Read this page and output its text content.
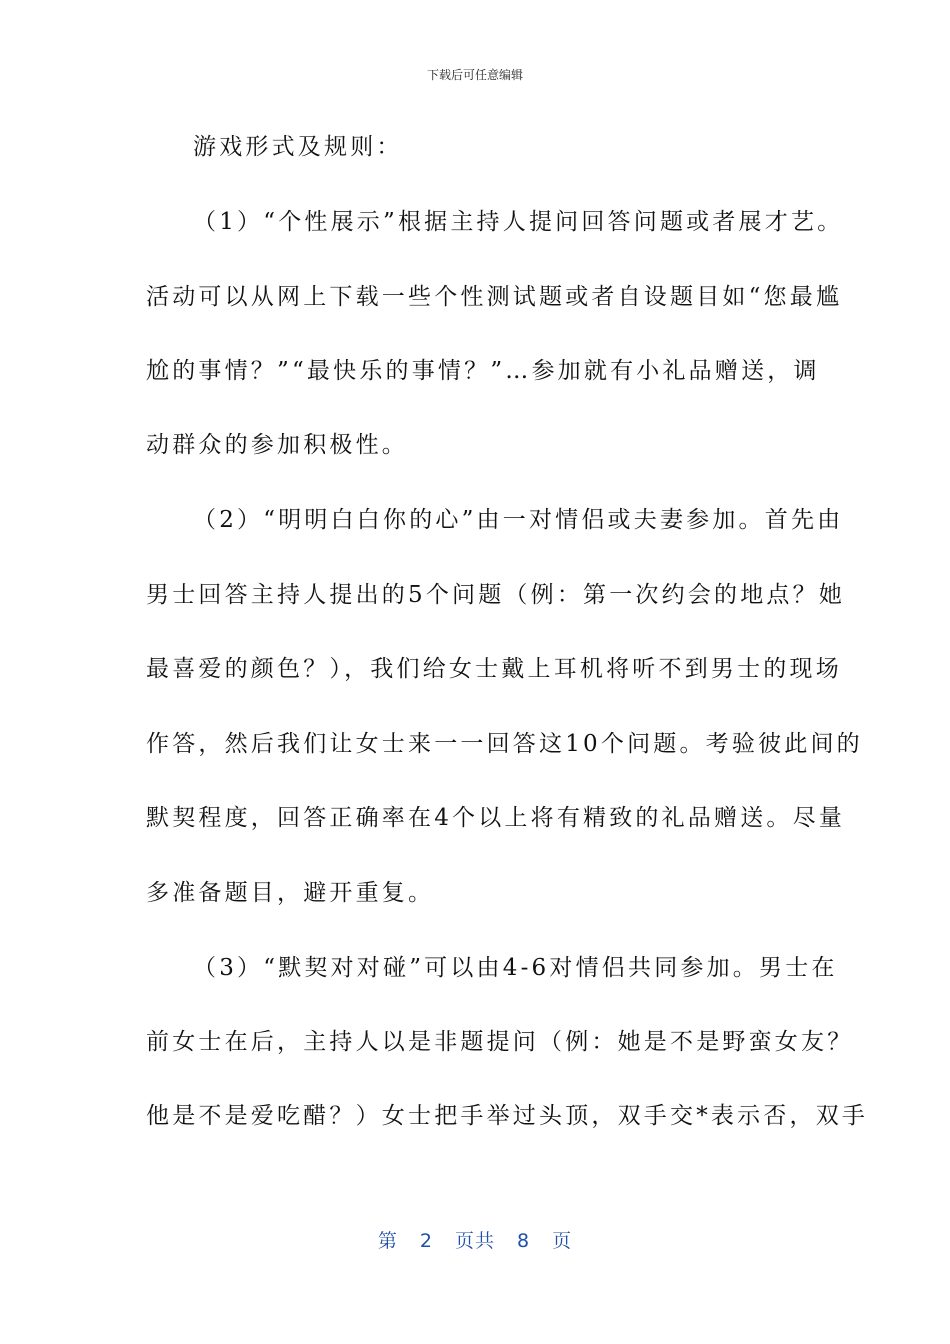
下载后可任意编辑
游戏形式及规则：
（1）“个性展示”根据主持人提问回答问题或者展才艺。
活动可以从网上下载一些个性测试题或者自设题目如“您最尴
尬的事情？”“最快乐的事情？”…参加就有小礼品赠送，调
动群众的参加积极性。
（2）“明明白白你的心”由一对情侣或夫妻参加。首先由
男士回答主持人提出的5个问题（例：第一次约会的地点？她
最喜爱的颜色？），我们给女士戴上耳机将听不到男士的现场
作答，然后我们让女士来一一回答这10个问题。考验彼此间的
默契程度，回答正确率在4个以上将有精致的礼品赠送。尽量
多准备题目，避开重复。
（3）“默契对对碰”可以由4-6对情侣共同参加。男士在
前女士在后，主持人以是非题提问（例：她是不是野蛮女友？
他是不是爱吃醋？）女士把手举过头顶，双手交*表示否，双手
第 2 页共 8 页
